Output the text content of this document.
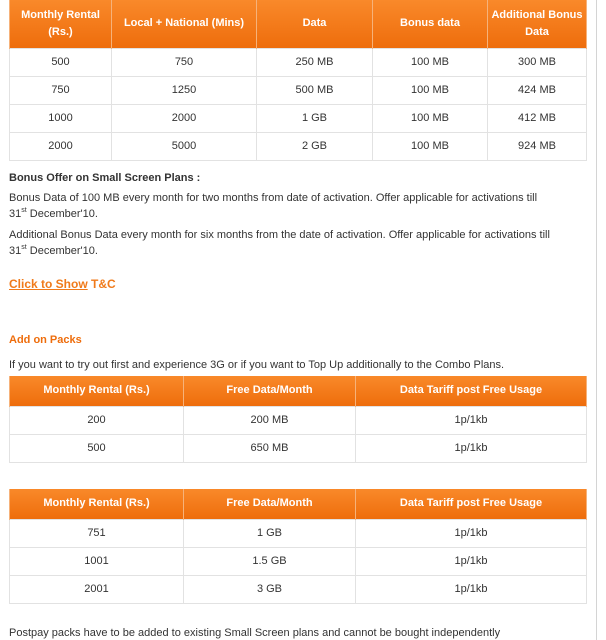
Monthly Rental (Rs.)	Local + National (Mins)	Data	Bonus data	Additional Bonus Data
500	750	250 MB	100 MB	300 MB
750	1250	500 MB	100 MB	424 MB
1000	2000	1 GB	100 MB	412 MB
2000	5000	2 GB	100 MB	924 MB
Bonus Offer on Small Screen Plans :
Bonus Data of 100 MB every month for two months from date of activation. Offer applicable for activations till
31st December'10.
Additional Bonus Data every month for six months from the date of activation. Offer applicable for activations till
31st December'10.
Click to Show T&C
Add on Packs
If you want to try out first and experience 3G or if you want to Top Up additionally to the Combo Plans.
Monthly Rental (Rs.)	Free Data/Month	Data Tariff post Free Usage
200	200 MB	1p/1kb
500	650 MB	1p/1kb
Monthly Rental (Rs.)	Free Data/Month	Data Tariff post Free Usage
751	1 GB	1p/1kb
1001	1.5 GB	1p/1kb
2001	3 GB	1p/1kb
Postpay packs have to be added to existing Small Screen plans and cannot be bought independently
